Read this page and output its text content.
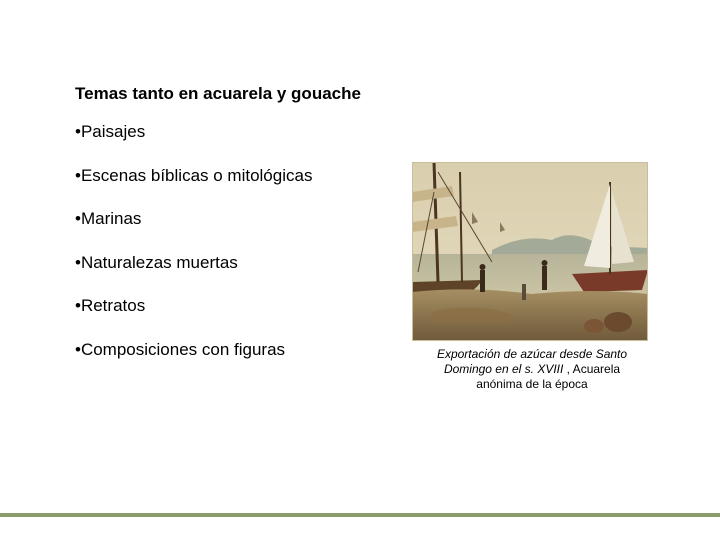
Temas tanto en acuarela y gouache
•Paisajes
•Escenas bíblicas o mitológicas
•Marinas
•Naturalezas muertas
•Retratos
•Composiciones con figuras	Exportación de azúcar desde Santo
Domingo en el s. XVIII , Acuarela
anónima de la época
